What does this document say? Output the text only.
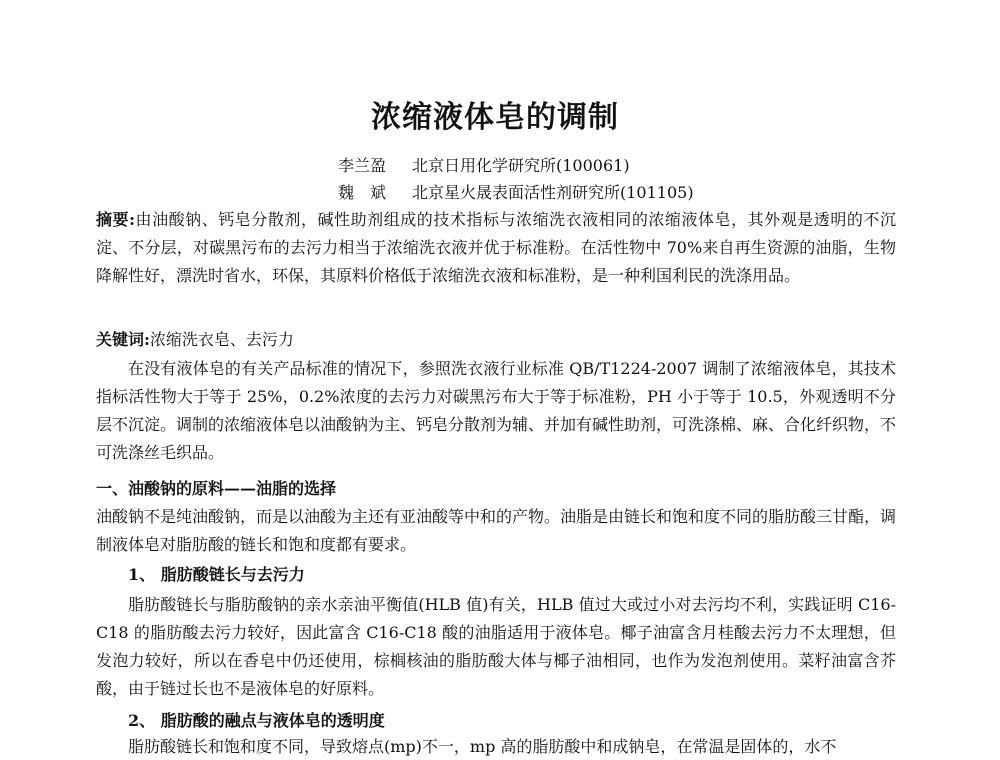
浓缩液体皂的调制
李兰盈 北京日用化学研究所(100061)
魏　斌 北京星火晟表面活性剂研究所(101105)

摘要:由油酸钠、钙皂分散剂，碱性助剂组成的技术指标与浓缩洗衣液相同的浓缩液体皂，其外观是透明的不沉淀、不分层，对碳黑污布的去污力相当于浓缩洗衣液并优于标准粉。在活性物中 70%来自再生资源的油脂，生物降解性好，漂洗时省水，环保，其原料价格低于浓缩洗衣液和标准粉，是一种利国利民的洗涤用品。

关键词:浓缩洗衣皂、去污力

在没有液体皂的有关产品标准的情况下，参照洗衣液行业标准 QB/T1224-2007 调制了浓缩液体皂，其技术指标活性物大于等于 25%，0.2%浓度的去污力对碳黑污布大于等于标准粉，PH 小于等于 10.5，外观透明不分层不沉淀。调制的浓缩液体皂以油酸钠为主、钙皂分散剂为辅、并加有碱性助剂，可洗涤棉、麻、合化纤织物，不可洗涤丝毛织品。

一、油酸钠的原料——油脂的选择

油酸钠不是纯油酸钠，而是以油酸为主还有亚油酸等中和的产物。油脂是由链长和饱和度不同的脂肪酸三甘酯，调制液体皂对脂肪酸的链长和饱和度都有要求。

1、 脂肪酸链长与去污力

脂肪酸链长与脂肪酸钠的亲水亲油平衡值(HLB 值)有关，HLB 值过大或过小对去污均不利，实践证明 C16-C18 的脂肪酸去污力较好，因此富含 C16-C18 酸的油脂适用于液体皂。椰子油富含月桂酸去污力不太理想，但发泡力较好，所以在香皂中仍还使用，棕榈核油的脂肪酸大体与椰子油相同，也作为发泡剂使用。菜籽油富含芥酸，由于链过长也不是液体皂的好原料。

2、 脂肪酸的融点与液体皂的透明度

脂肪酸链长和饱和度不同，导致熔点(mp)不一，mp 高的脂肪酸中和成钠皂，在常温是固体的，水不
